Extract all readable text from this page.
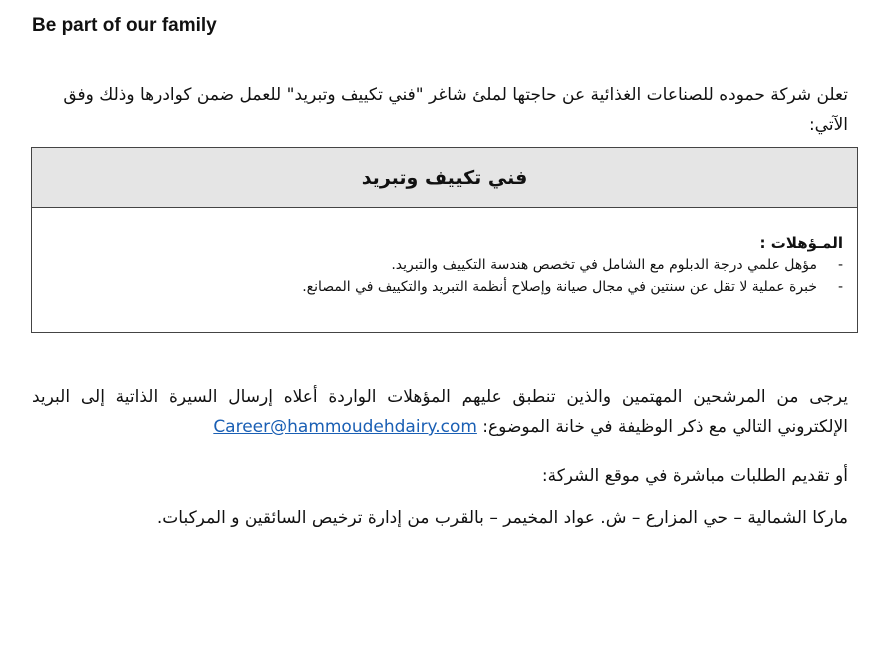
Be part of our family

تعلن شركة حموده للصناعات الغذائية عن حاجتها لملئ شاغر "فني تكييف وتبريد" للعمل ضمن كوادرها وذلك وفق الآتي:

فني تكييف وتبريد
المـؤهلات :
-
مؤهل علمي درجة الدبلوم مع الشامل في تخصص هندسة التكييف والتبريد.
-
خبرة عملية لا تقل عن سنتين في مجال صيانة وإصلاح أنظمة التبريد والتكييف في المصانع.

يرجى من المرشحين المهتمين والذين تنطبق عليهم المؤهلات الواردة أعلاه إرسال السيرة الذاتية إلى البريد الإلكتروني التالي مع ذكر الوظيفة في خانة الموضوع: Career@hammoudehdairy.com

أو تقديم الطلبات مباشرة في موقع الشركة:

ماركا الشمالية – حي المزارع – ش. عواد المخيمر – بالقرب من إدارة ترخيص السائقين و المركبات.
